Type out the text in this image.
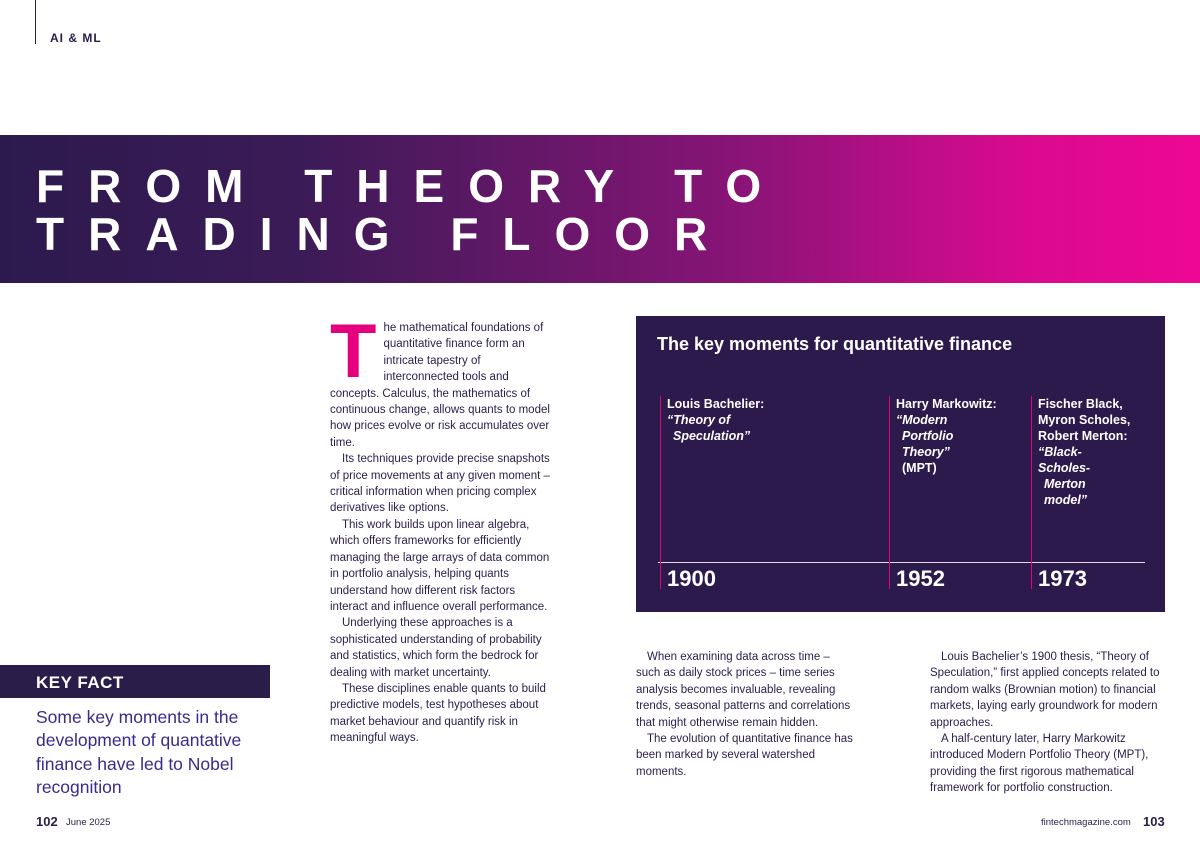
AI & ML
FROM THEORY TO
TRADING FLOOR

T he mathematical foundations of quantitative finance form an intricate tapestry of interconnected tools and concepts. Calculus, the mathematics of continuous change, allows quants to model how prices evolve or risk accumulates over time.

Its techniques provide precise snapshots of price movements at any given moment – critical information when pricing complex derivatives like options.

This work builds upon linear algebra, which offers frameworks for efficiently managing the large arrays of data common in portfolio analysis, helping quants understand how different risk factors interact and influence overall performance.

Underlying these approaches is a sophisticated understanding of probability and statistics, which form the bedrock for dealing with market uncertainty.

These disciplines enable quants to build predictive models, test hypotheses about market behaviour and quantify risk in meaningful ways.

KEY FACT
Some key moments in the development of quantative finance have led to Nobel recognition
The key moments for quantitative finance
Louis Bachelier:
“Theory of
Speculation”
1900
Harry Markowitz:
“Modern
Portfolio
Theory” (MPT)
1952
Fischer Black, Myron Scholes, Robert Merton:
“Black-Scholes-
Merton model”
1973

When examining data across time – such as daily stock prices – time series analysis becomes invaluable, revealing trends, seasonal patterns and correlations that might otherwise remain hidden.

The evolution of quantitative finance has been marked by several watershed moments.

Louis Bachelier’s 1900 thesis, “Theory of Speculation,” first applied concepts related to random walks (Brownian motion) to financial markets, laying early groundwork for modern approaches.

A half-century later, Harry Markowitz introduced Modern Portfolio Theory (MPT), providing the first rigorous mathematical framework for portfolio construction.

102 June 2025	fintechmagazine.com 103
